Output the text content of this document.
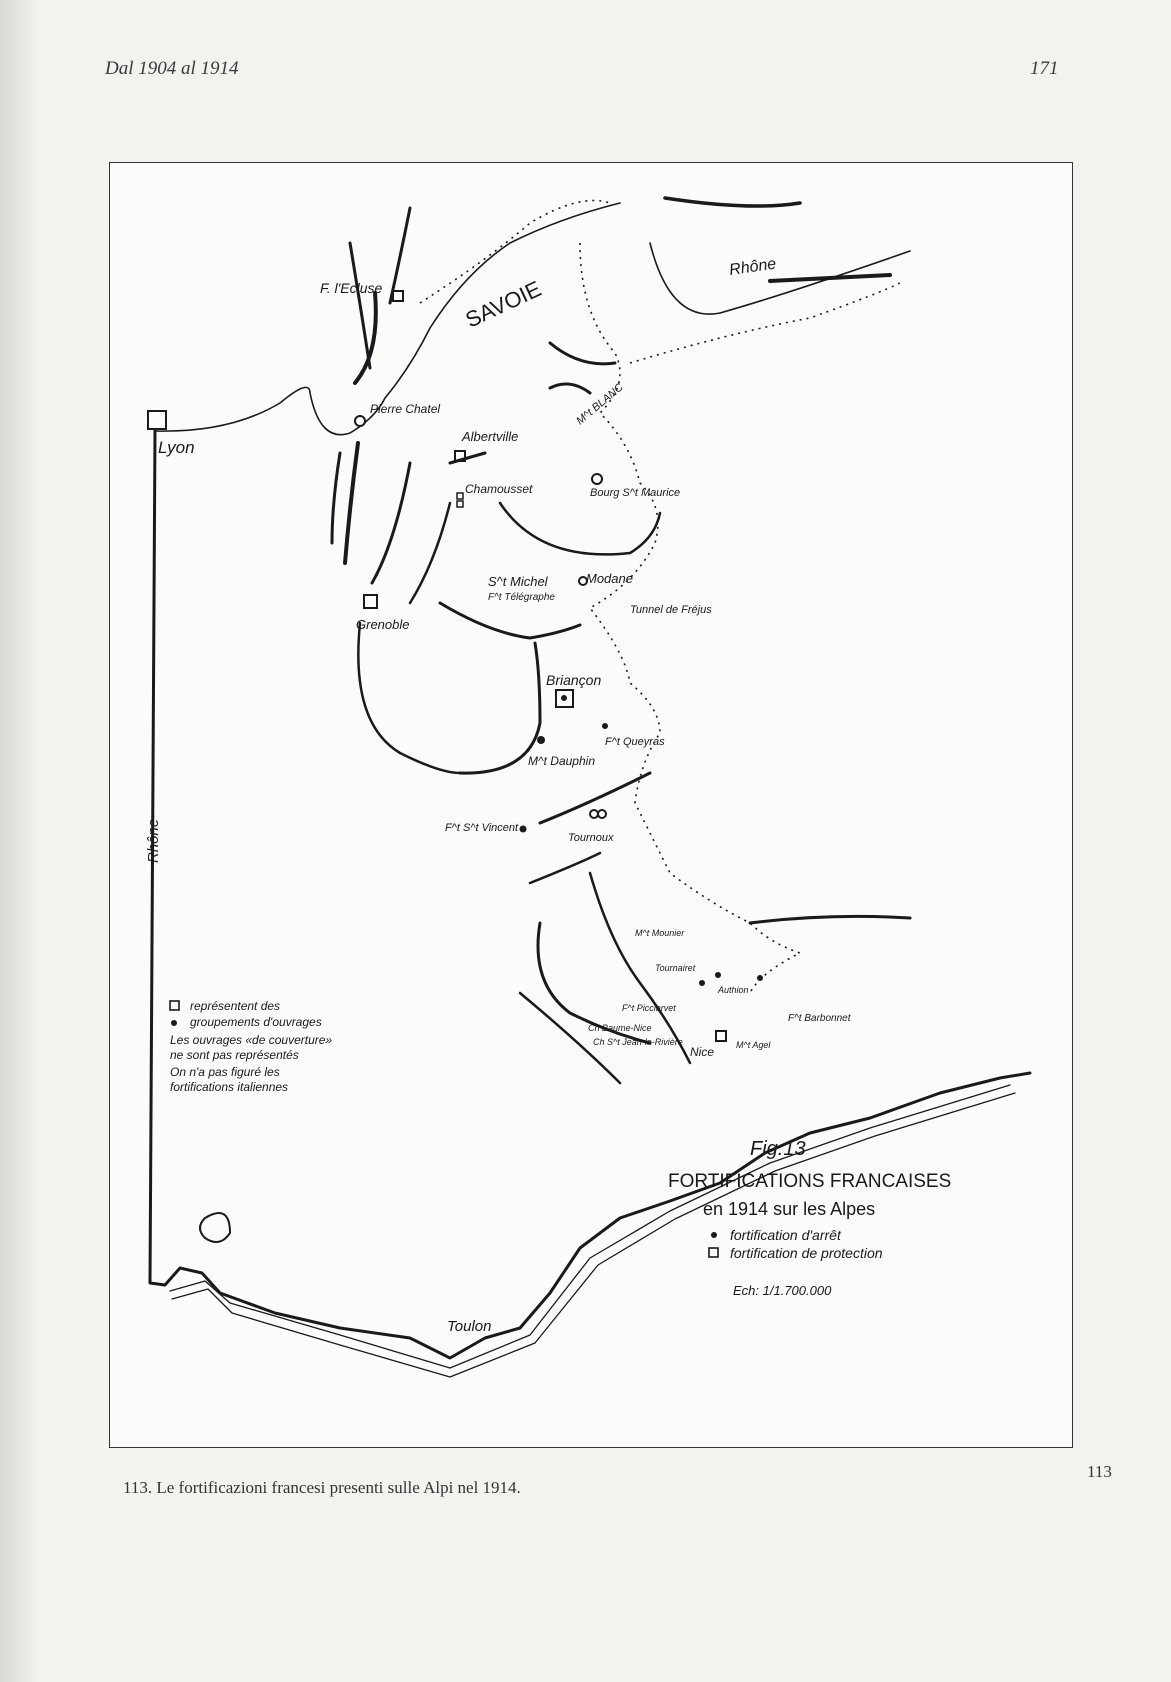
Dal 1904 al 1914	171
F. l'Ecluse
Pierre Chatel
Lyon
Albertville
Chamousset	Bourg S^t Maurice
M^t BLANC
S^t Michel
F^t Télégraphe
Modane
Tunnel de Fréjus
Grenoble
Briançon
F^t Queyras
M^t Dauphin
F^t S^t Vincent
Tournoux
M^t Mounier
Tournairet
Authion
F^t Picciarvet
F^t Barbonnet
Ch Baume-Nice
Ch S^t Jean-la-Rivière	M^t Agel
Nice
Toulon
SAVOIE
Rhône
Rhône
représentent des
groupements d'ouvrages
Les ouvrages «de couverture»
ne sont pas représentés
On n'a pas figuré les
fortifications italiennes
Fig.13
FORTIFICATIONS FRANCAISES
en 1914 sur les Alpes
fortification d'arrêt
fortification de protection
Ech: 1/1.700.000
113
113. Le fortificazioni francesi presenti sulle Alpi nel 1914.
